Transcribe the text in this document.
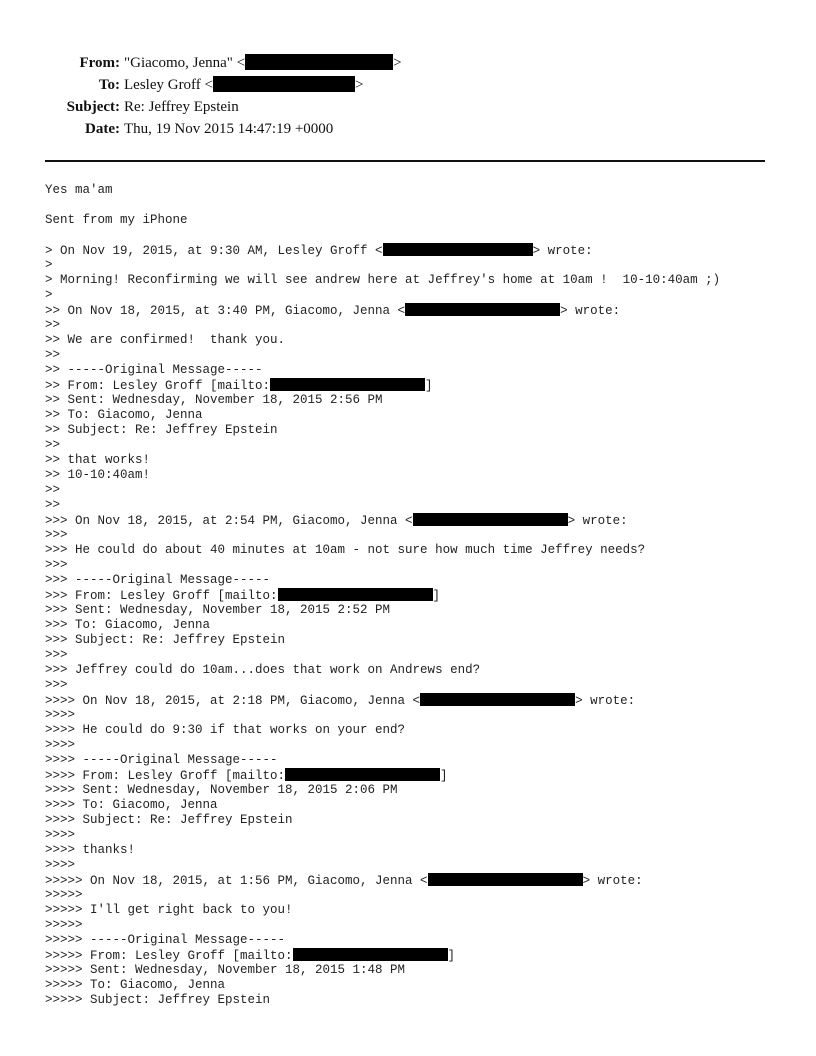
From: "Giacomo, Jenna" <	>
To: Lesley Groff <	>
Subject: Re: Jeffrey Epstein
Date: Thu, 19 Nov 2015 14:47:19 +0000
Yes ma'am
Sent from my iPhone
> On Nov 19, 2015, at 9:30 AM, Lesley Groff <	> wrote:
>
> Morning! Reconfirming we will see andrew here at Jeffrey's home at 10am !  10-10:40am ;)
>
>> On Nov 18, 2015, at 3:40 PM, Giacomo, Jenna <	> wrote:
>>
>> We are confirmed!  thank you.
>>
>> -----Original Message-----
>> From: Lesley Groff [mailto:	]
>> Sent: Wednesday, November 18, 2015 2:56 PM
>> To: Giacomo, Jenna
>> Subject: Re: Jeffrey Epstein
>>
>> that works!
>> 10-10:40am!
>>
>>
>>> On Nov 18, 2015, at 2:54 PM, Giacomo, Jenna <	> wrote:
>>>
>>> He could do about 40 minutes at 10am - not sure how much time Jeffrey needs?
>>>
>>> -----Original Message-----
>>> From: Lesley Groff [mailto:	]
>>> Sent: Wednesday, November 18, 2015 2:52 PM
>>> To: Giacomo, Jenna
>>> Subject: Re: Jeffrey Epstein
>>>
>>> Jeffrey could do 10am...does that work on Andrews end?
>>>
>>>> On Nov 18, 2015, at 2:18 PM, Giacomo, Jenna <	> wrote:
>>>>
>>>> He could do 9:30 if that works on your end?
>>>>
>>>> -----Original Message-----
>>>> From: Lesley Groff [mailto:	]
>>>> Sent: Wednesday, November 18, 2015 2:06 PM
>>>> To: Giacomo, Jenna
>>>> Subject: Re: Jeffrey Epstein
>>>>
>>>> thanks!
>>>>
>>>>> On Nov 18, 2015, at 1:56 PM, Giacomo, Jenna <	> wrote:
>>>>>
>>>>> I'll get right back to you!
>>>>>
>>>>> -----Original Message-----
>>>>> From: Lesley Groff [mailto:	]
>>>>> Sent: Wednesday, November 18, 2015 1:48 PM
>>>>> To: Giacomo, Jenna
>>>>> Subject: Jeffrey Epstein
